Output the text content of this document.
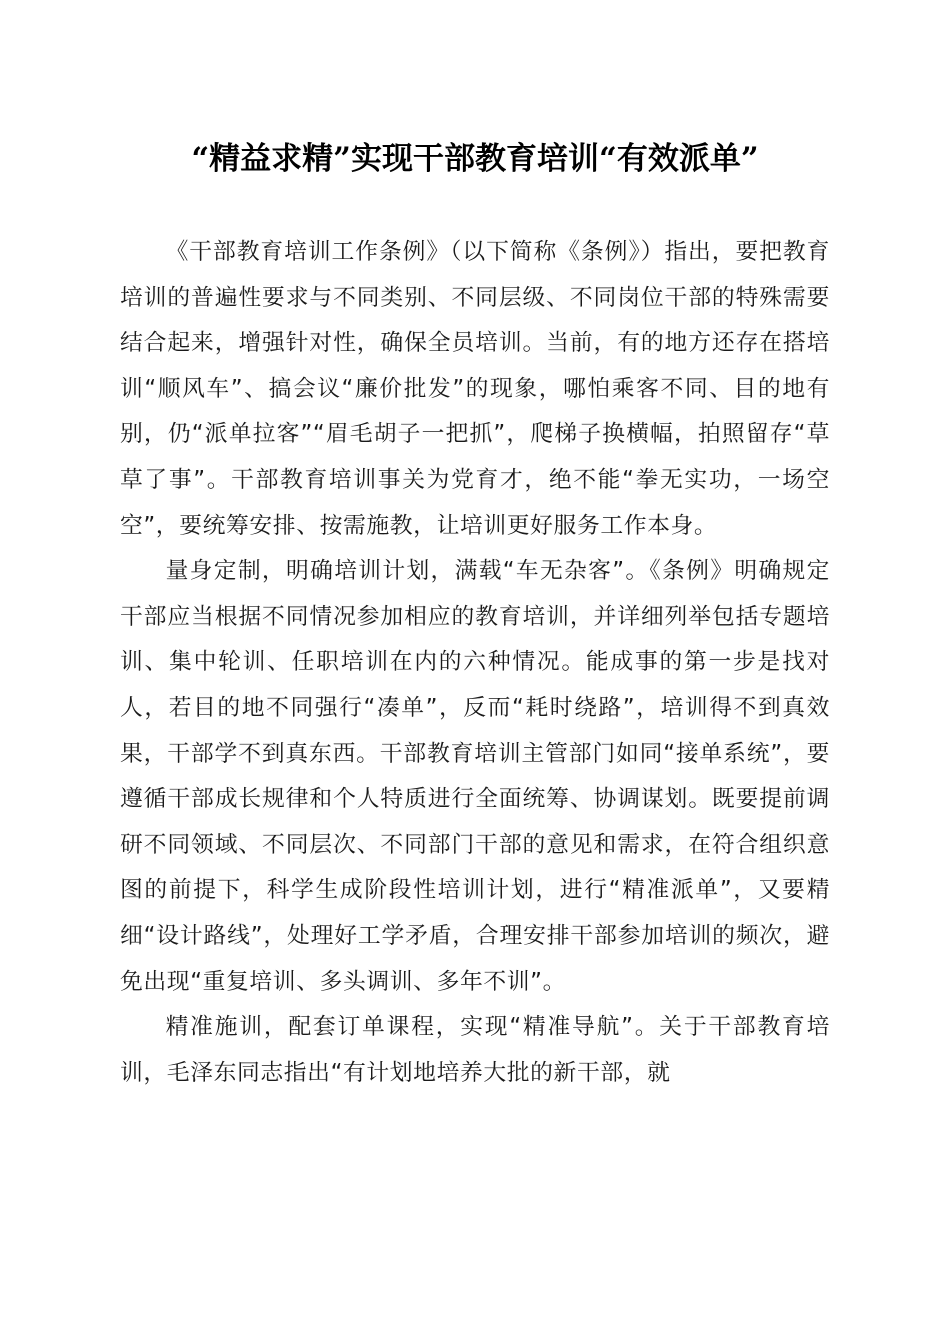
“精益求精”实现干部教育培训“有效派单”

《干部教育培训工作条例》（以下简称《条例》）指出，要把教育培训的普遍性要求与不同类别、不同层级、不同岗位干部的特殊需要结合起来，增强针对性，确保全员培训。当前，有的地方还存在搭培训“顺风车”、搞会议“廉价批发”的现象，哪怕乘客不同、目的地有别，仍“派单拉客”“眉毛胡子一把抓”，爬梯子换横幅，拍照留存“草草了事”。干部教育培训事关为党育才，绝不能“拳无实功，一场空空”，要统筹安排、按需施教，让培训更好服务工作本身。

量身定制，明确培训计划，满载“车无杂客”。《条例》明确规定干部应当根据不同情况参加相应的教育培训，并详细列举包括专题培训、集中轮训、任职培训在内的六种情况。能成事的第一步是找对人，若目的地不同强行“凑单”，反而“耗时绕路”，培训得不到真效果，干部学不到真东西。干部教育培训主管部门如同“接单系统”，要遵循干部成长规律和个人特质进行全面统筹、协调谋划。既要提前调研不同领域、不同层次、不同部门干部的意见和需求，在符合组织意图的前提下，科学生成阶段性培训计划，进行“精准派单”，又要精细“设计路线”，处理好工学矛盾，合理安排干部参加培训的频次，避免出现“重复培训、多头调训、多年不训”。

精准施训，配套订单课程，实现“精准导航”。关于干部教育培训，毛泽东同志指出“有计划地培养大批的新干部，就
